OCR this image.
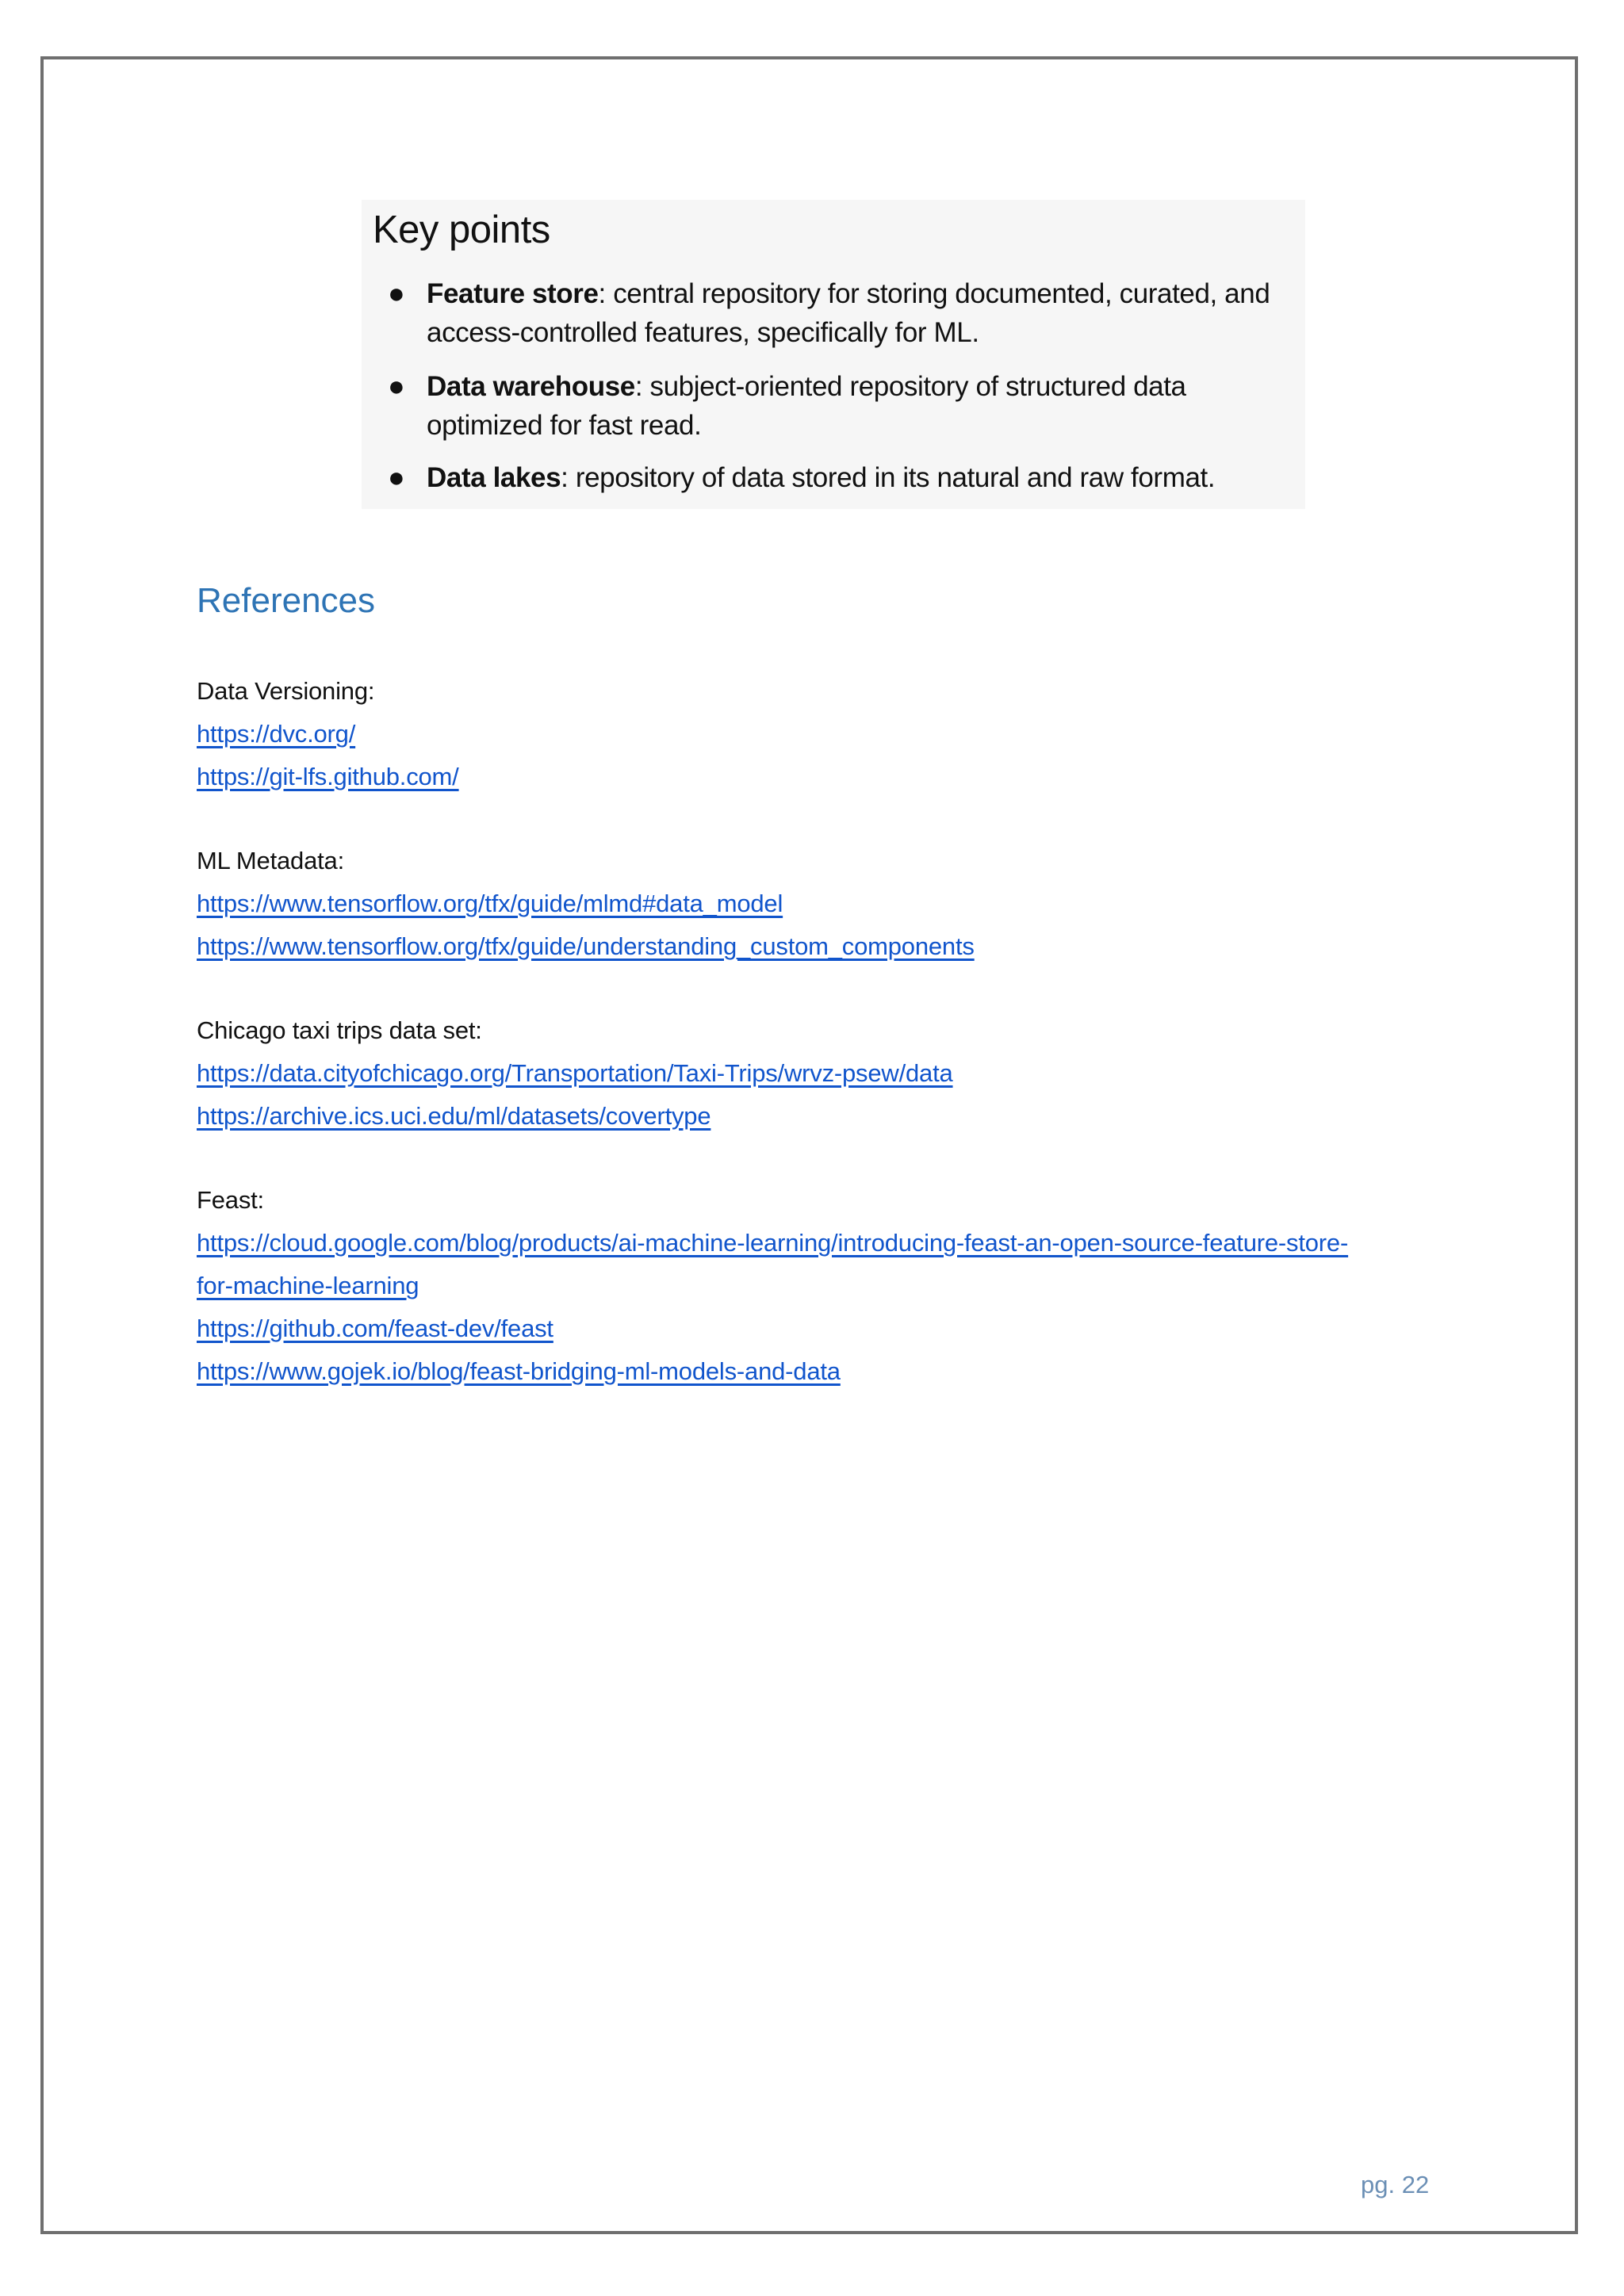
Key points
● Feature store: central repository for storing documented, curated, and
access-controlled features, specifically for ML.
● Data warehouse: subject-oriented repository of structured data
optimized for fast read.
● Data lakes: repository of data stored in its natural and raw format.
References
Data Versioning:
https://dvc.org/
https://git-lfs.github.com/
ML Metadata:
https://www.tensorflow.org/tfx/guide/mlmd#data_model
https://www.tensorflow.org/tfx/guide/understanding_custom_components
Chicago taxi trips data set:
https://data.cityofchicago.org/Transportation/Taxi-Trips/wrvz-psew/data
https://archive.ics.uci.edu/ml/datasets/covertype
Feast:
https://cloud.google.com/blog/products/ai-machine-learning/introducing-feast-an-open-source-feature-store-
for-machine-learning
https://github.com/feast-dev/feast
https://www.gojek.io/blog/feast-bridging-ml-models-and-data
pg. 22
